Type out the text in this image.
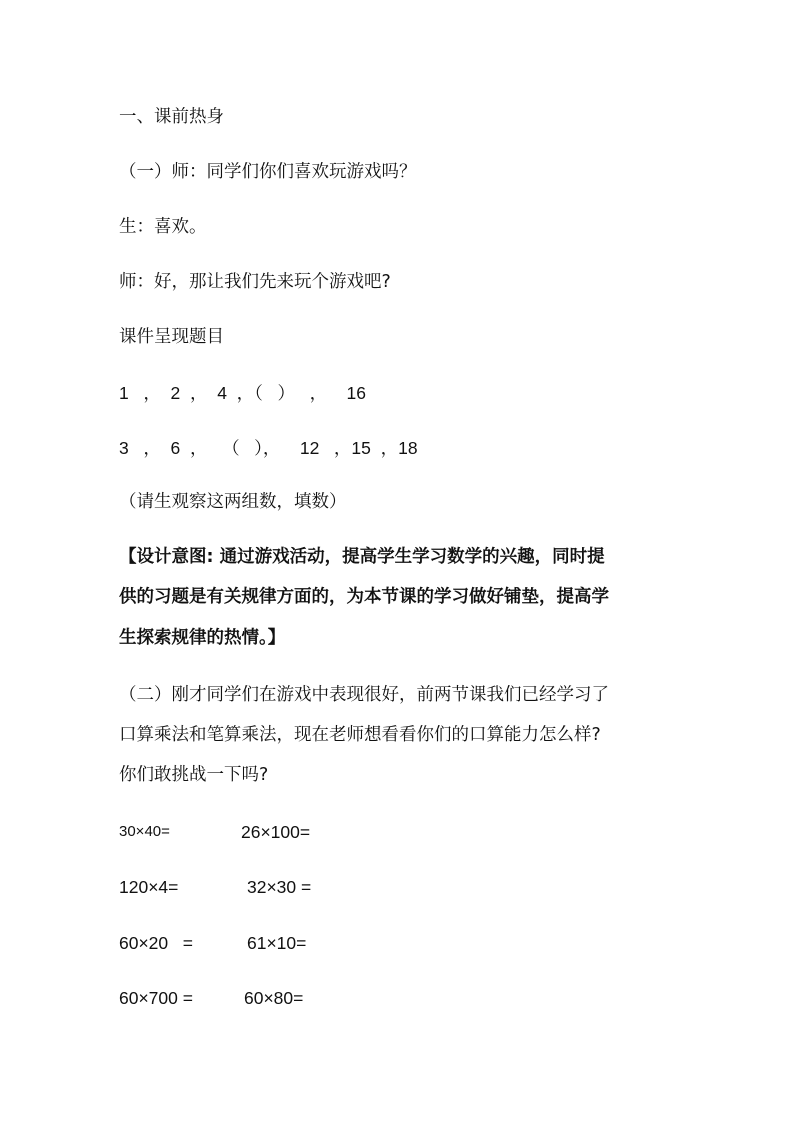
一、课前热身
（一）师：同学们你们喜欢玩游戏吗？
生：喜欢。
师：好，那让我们先来玩个游戏吧?
课件呈现题目
1   ，  2  ，  4  ，（   ）   ，    16
3   ，  6  ，   （   ），    12   ，15  ，18
（请生观察这两组数，填数）
【设计意图: 通过游戏活动，提高学生学习数学的兴趣，同时提
供的习题是有关规律方面的，为本节课的学习做好铺垫，提高学
生探索规律的热情。】
（二）刚才同学们在游戏中表现很好，前两节课我们已经学习了
口算乘法和笔算乘法，现在老师想看看你们的口算能力怎么样?
你们敢挑战一下吗?
30×40=	26×100=
120×4=	32×30 =
60×20   =	61×10=
60×700 =	60×80=
